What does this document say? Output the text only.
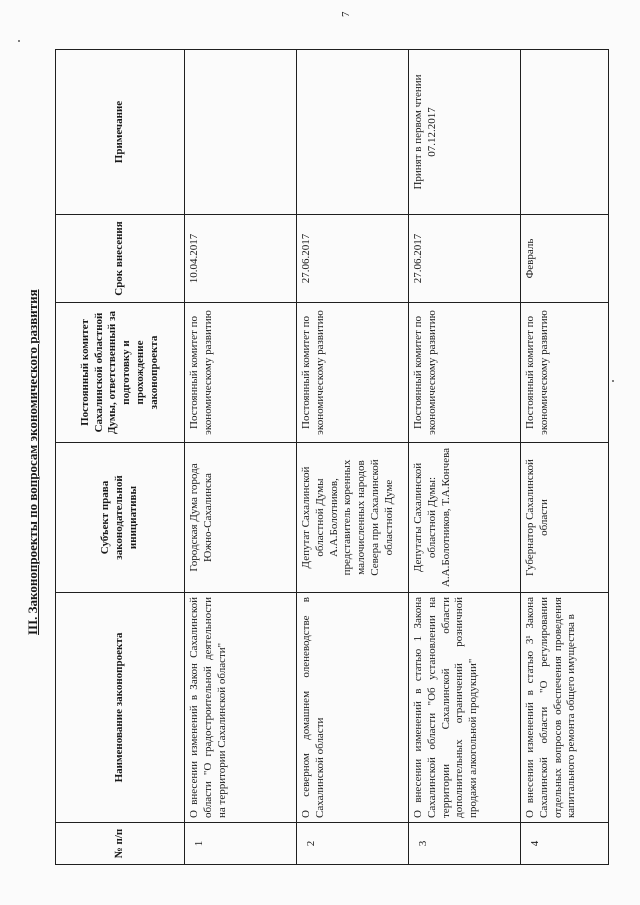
III. Законопроекты по вопросам экономического развития
№ п/п	Наименование законопроекта	Субъект права законодательной инициативы	Постоянный комитет Сахалинской областной Думы, ответственный за подготовку и прохождение законопроекта	Срок внесения	Примечание
1	О внесении изменений в Закон Сахалинской области "О градостроительной деятельности на территории Сахалинской области"	Городская Дума города Южно-Сахалинска	Постоянный комитет по экономическому развитию	10.04.2017	
2	О северном домашнем оленеводстве в Сахалинской области	Депутат Сахалинской областной Думы А.А.Болотников, представитель коренных малочисленных народов Севера при Сахалинской областной Думе	Постоянный комитет по экономическому развитию	27.06.2017	
3	О внесении изменений в статью 1 Закона Сахалинской области "Об установлении на территории Сахалинской области дополнительных ограничений розничной продажи алкогольной продукции"	Депутаты Сахалинской областной Думы: А.А.Болотников, Т.А.Кончева	Постоянный комитет по экономическому развитию	27.06.2017	Принят в первом чтении 07.12.2017
4	О внесении изменений в статью 3¹ Закона Сахалинской области "О регулировании отдельных вопросов обеспечения проведения капитального ремонта общего имущества в	Губернатор Сахалинской области	Постоянный комитет по экономическому развитию	Февраль	
7
